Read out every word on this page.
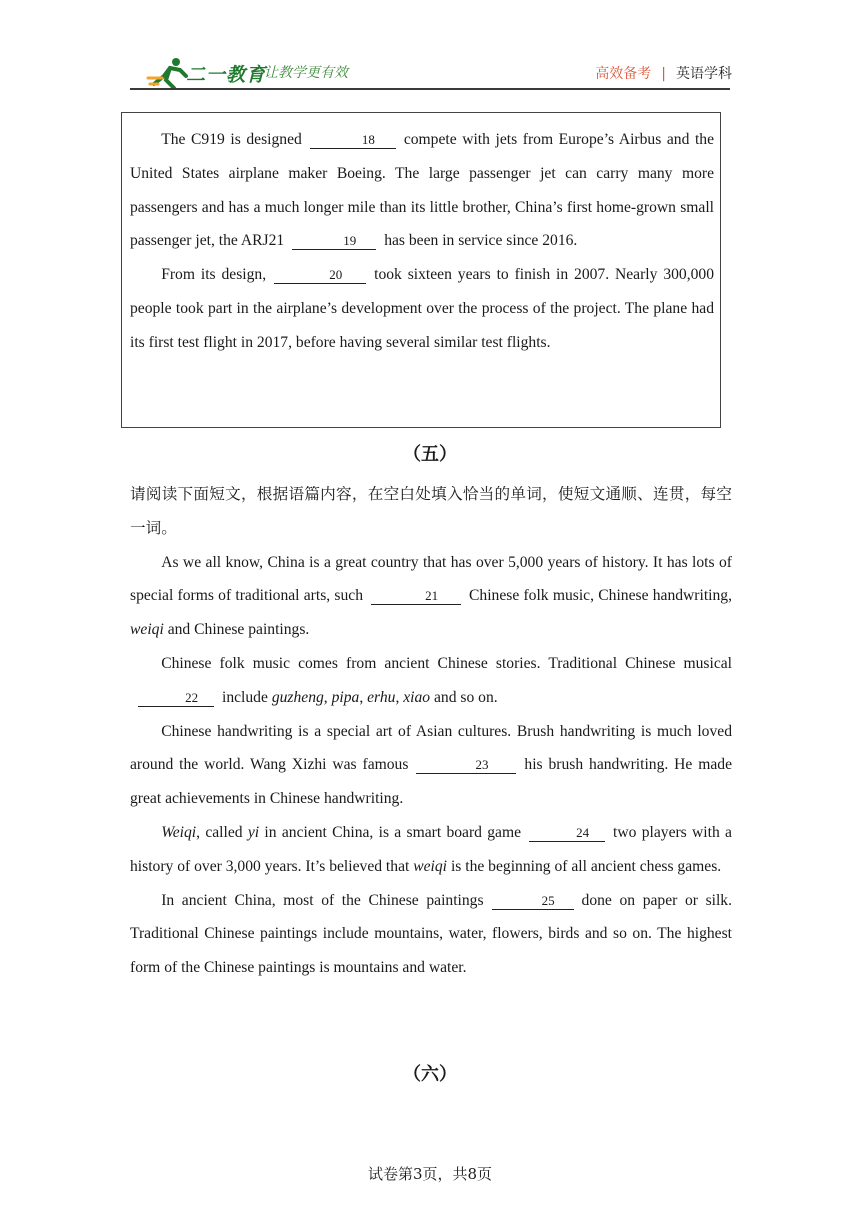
二一教育
让教学更有效	高效备考 | 英语学科

The C919 is designed	18 compete with jets from Europe’s Airbus and the United States airplane maker Boeing. The large passenger jet can carry many more passengers and has a much longer mile than its little brother, China’s first home-grown small passenger jet, the ARJ21	19 has been in service since 2016.

From its design,	20 took sixteen years to finish in 2007. Nearly 300,000 people took part in the airplane’s development over the process of the project. The plane had its first test flight in 2017, before having several similar test flights.

（五）

请阅读下面短文，根据语篇内容，在空白处填入恰当的单词，使短文通顺、连贯，每空一词。

As we all know, China is a great country that has over 5,000 years of history. It has lots of special forms of traditional arts, such	21 Chinese folk music, Chinese handwriting, weiqi and Chinese paintings.

Chinese folk music comes from ancient Chinese stories. Traditional Chinese musical22 include guzheng, pipa, erhu, xiao and so on.

Chinese handwriting is a special art of Asian cultures. Brush handwriting is much loved around the world. Wang Xizhi was famous	23 his brush handwriting. He made great achievements in Chinese handwriting.

Weiqi, called yi in ancient China, is a smart board game	24 two players with a history of over 3,000 years. It’s believed that weiqi is the beginning of all ancient chess games.

In ancient China, most of the Chinese paintings	25 done on paper or silk. Traditional Chinese paintings include mountains, water, flowers, birds and so on. The highest form of the Chinese paintings is mountains and water.

（六）
试卷第3页，共8页
